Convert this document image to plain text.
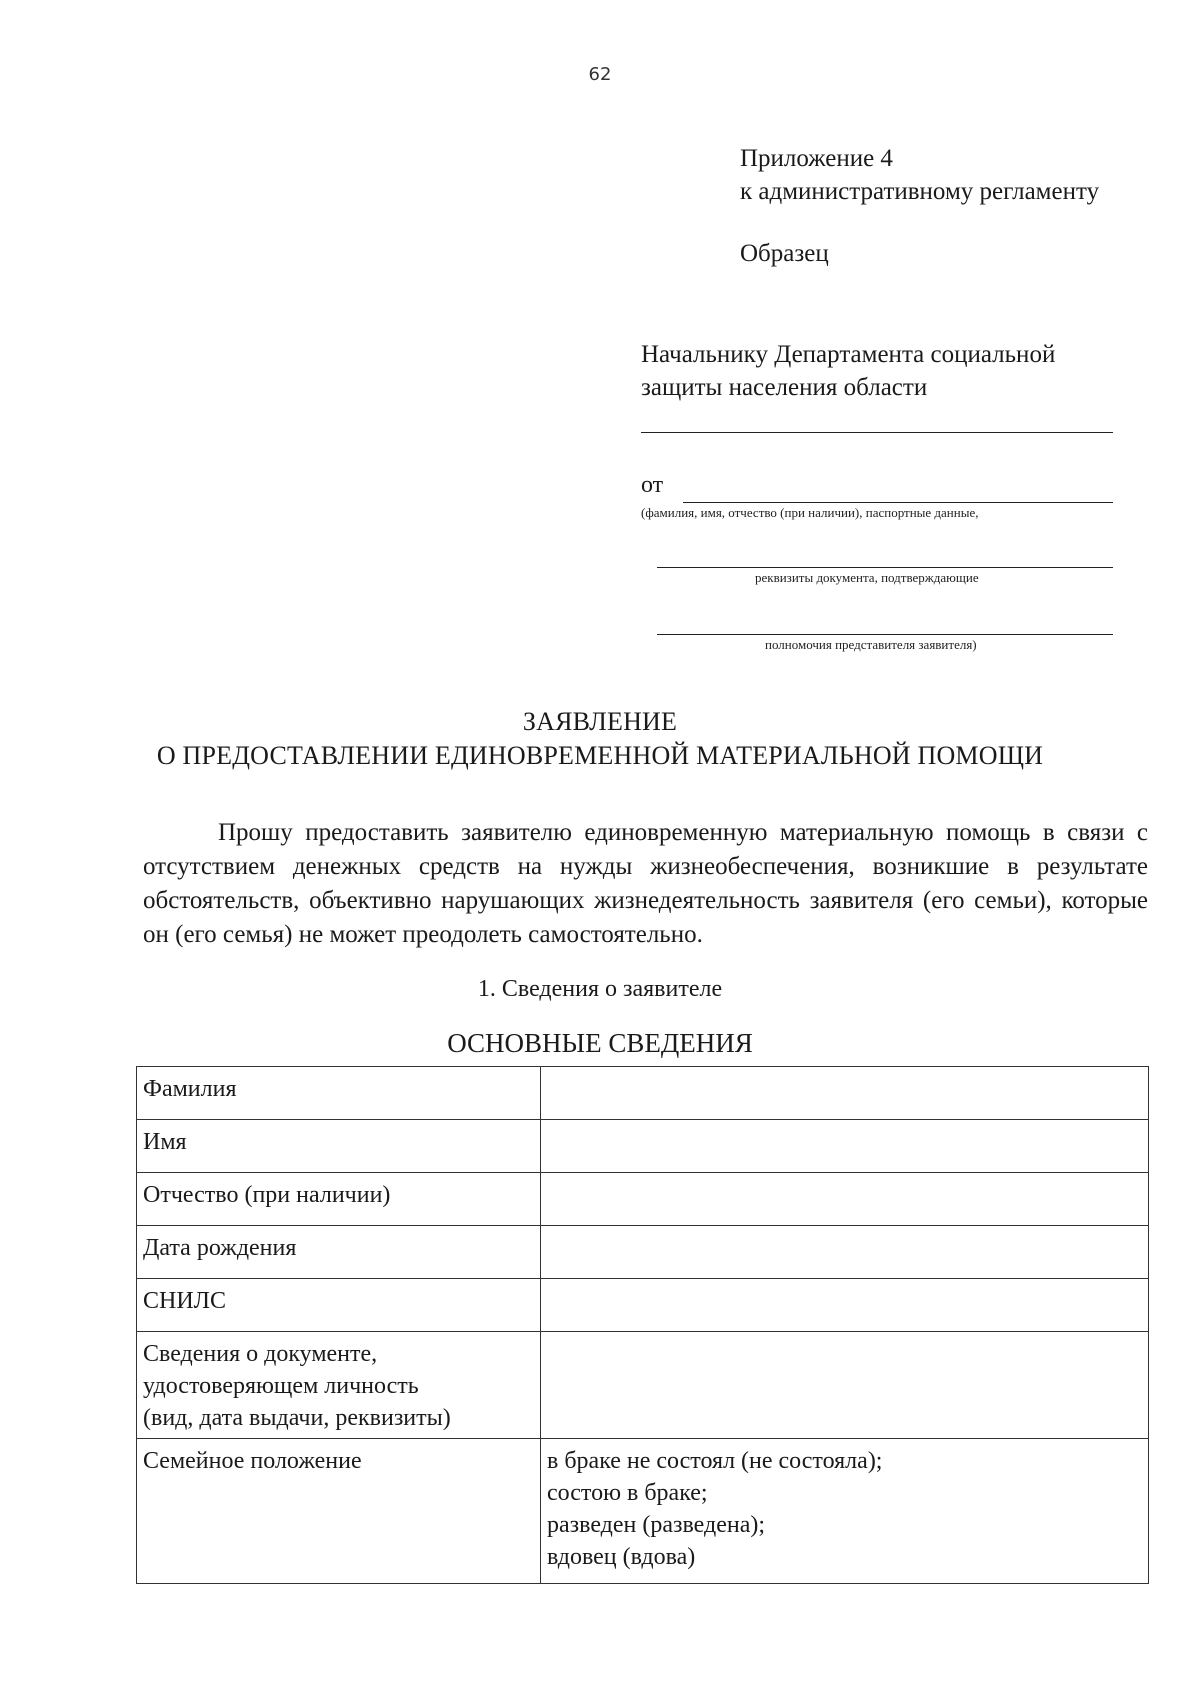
62
Приложение 4
к административному регламенту
Образец
Начальнику Департамента социальной
защиты населения области
от
(фамилия, имя, отчество (при наличии), паспортные данные,
реквизиты документа, подтверждающие
полномочия представителя заявителя)
ЗАЯВЛЕНИЕ
О ПРЕДОСТАВЛЕНИИ ЕДИНОВРЕМЕННОЙ МАТЕРИАЛЬНОЙ ПОМОЩИ
Прошу предоставить заявителю единовременную материальную помощь в связи с отсутствием денежных средств на нужды жизнеобеспечения, возникшие в результате обстоятельств, объективно нарушающих жизнедеятельность заявителя (его семьи), которые он (его семья) не может преодолеть самостоятельно.
1. Сведения о заявителе
ОСНОВНЫЕ СВЕДЕНИЯ
Фамилия	
Имя	
Отчество (при наличии)	
Дата рождения	
СНИЛС	
Сведения о документе,
удостоверяющем личность
(вид, дата выдачи, реквизиты)	
Семейное положение	в браке не состоял (не состояла);
состою в браке;
разведен (разведена);
вдовец (вдова)
